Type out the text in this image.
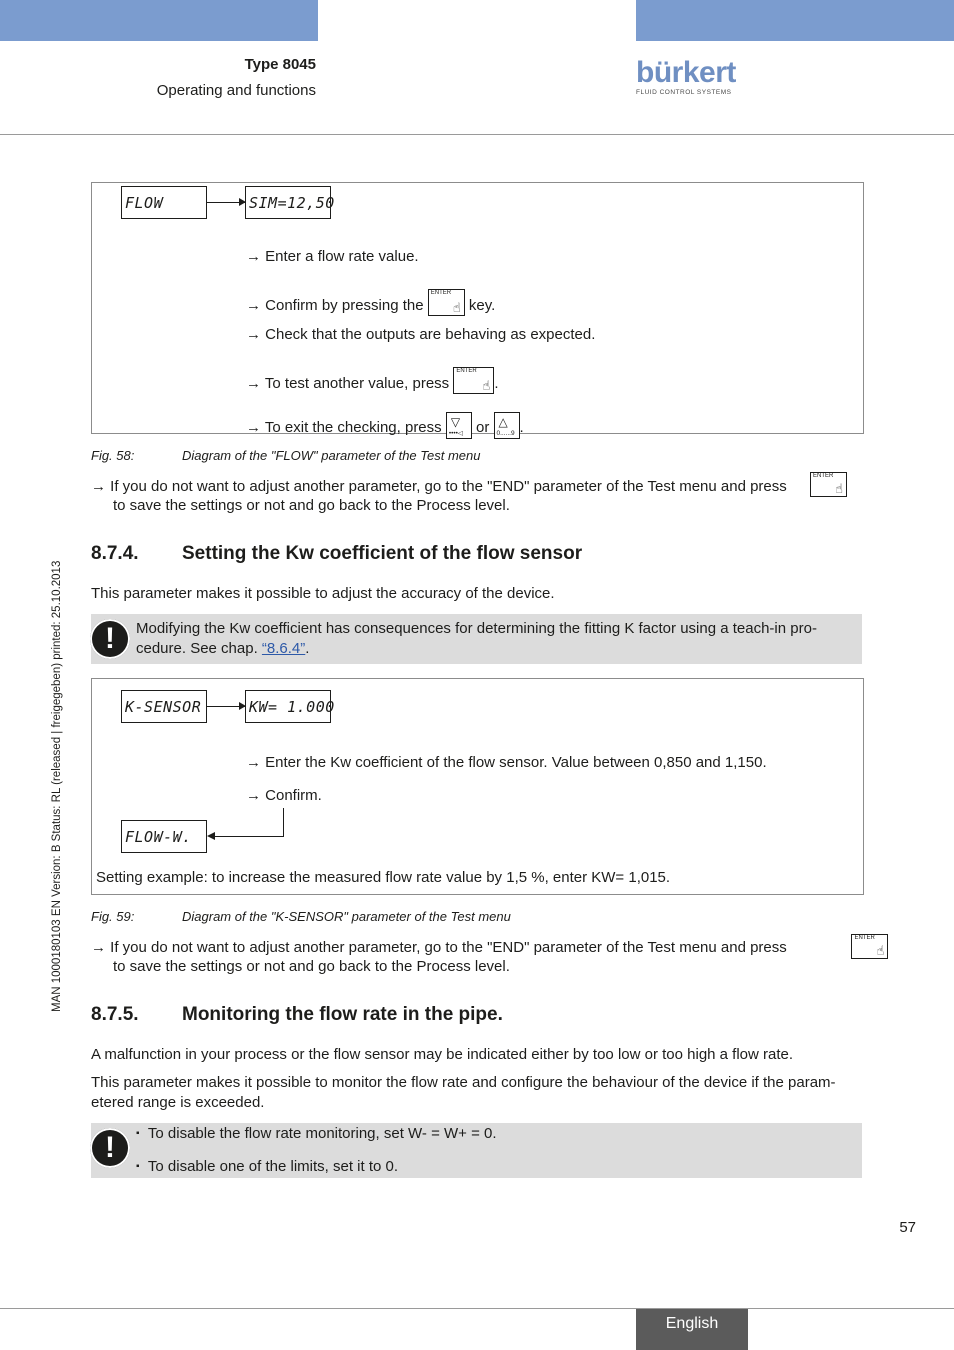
Type 8045
Operating and functions
bürkert
FLUID CONTROL SYSTEMS
MAN 1000180103 EN Version: B Status: RL (released | freigegeben) printed: 25.10.2013
FLOW	SIM=12,50
→ Enter a flow rate value.
→ Confirm by pressing the
ENTER
☝ key.
→ Check that the outputs are behaving as expected.
→ To test another value, press
ENTER
☝ .
→ To exit the checking, press ▽
••••◁ or △
0......9 .
Fig. 58:	Diagram of the "FLOW" parameter of the Test menu
→ If you do not want to adjust another parameter, go to the "END" parameter of the Test menu and press
ENTER
☝

to save the settings or not and go back to the Process level.
8.7.4. Setting the Kw coefficient of the flow sensor
This parameter makes it possible to adjust the accuracy of the device.
!	Modifying the Kw coefficient has consequences for determining the fitting K factor using a teach-in pro-
cedure. See chap. “8.6.4”.
K-SENSOR	KW= 1.000
→ Enter the Kw coefficient of the flow sensor. Value between 0,850 and 1,150.
→ Confirm.
FLOW-W.
Setting example: to increase the measured flow rate value by 1,5 %, enter KW= 1,015.
Fig. 59:	Diagram of the "K-SENSOR" parameter of the Test menu
→ If you do not want to adjust another parameter, go to the "END" parameter of the Test menu and press
ENTER
☝
to save the settings or not and go back to the Process level.
8.7.5. Monitoring the flow rate in the pipe.
A malfunction in your process or the flow sensor may be indicated either by too low or too high a flow rate.
This parameter makes it possible to monitor the flow rate and configure the behaviour of the device if the param-
etered range is exceeded.
!	▪ To disable the flow rate monitoring, set W- = W+ = 0.
▪ To disable one of the limits, set it to 0.
57
English
